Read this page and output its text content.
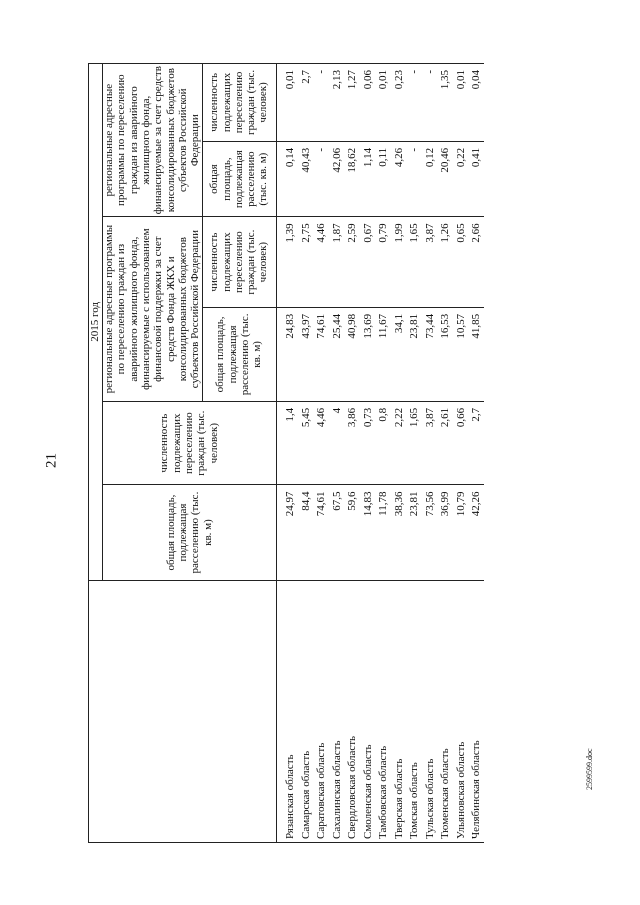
21
	2015 год					
	общая площадь, подлежащая расселению (тыс. кв. м)	численность подлежащих переселению граждан (тыс. человек)	региональные адресные программы по переселению граждан из аварийного жилищного фонда, финансируемые с использованием финансовой поддержки за счет средств Фонда ЖКХ и консолидированных бюджетов субъектов Российской Федерации		региональные адресные программы по переселению граждан из аварийного жилищного фонда, финансируемые за счет средств консолидированных бюджетов субъектов Российской Федерации	
			общая площадь, подлежащая расселению (тыс. кв. м)	численность подлежащих переселению граждан (тыс. человек)	общая площадь, подлежащая расселению (тыс. кв. м)	численность подлежащих переселению граждан (тыс. человек)
Рязанская область	24,97	1,4	24,83	1,39	0,14	0,01
Самарская область	84,4	5,45	43,97	2,75	40,43	2,7
Саратовская область	74,61	4,46	74,61	4,46	-	-
Сахалинская область	67,5	4	25,44	1,87	42,06	2,13
Свердловская область	59,6	3,86	40,98	2,59	18,62	1,27
Смоленская область	14,83	0,73	13,69	0,67	1,14	0,06
Тамбовская область	11,78	0,8	11,67	0,79	0,11	0,01
Тверская область	38,36	2,22	34,1	1,99	4,26	0,23
Томская область	23,81	1,65	23,81	1,65	-	-
Тульская область	73,56	3,87	73,44	3,87	0,12	-
Тюменская область	36,99	2,61	16,53	1,26	20,46	1,35
Ульяновская область	10,79	0,66	10,57	0,65	0,22	0,01
Челябинская область	42,26	2,7	41,85	2,66	0,41	0,04
2599599.doc
